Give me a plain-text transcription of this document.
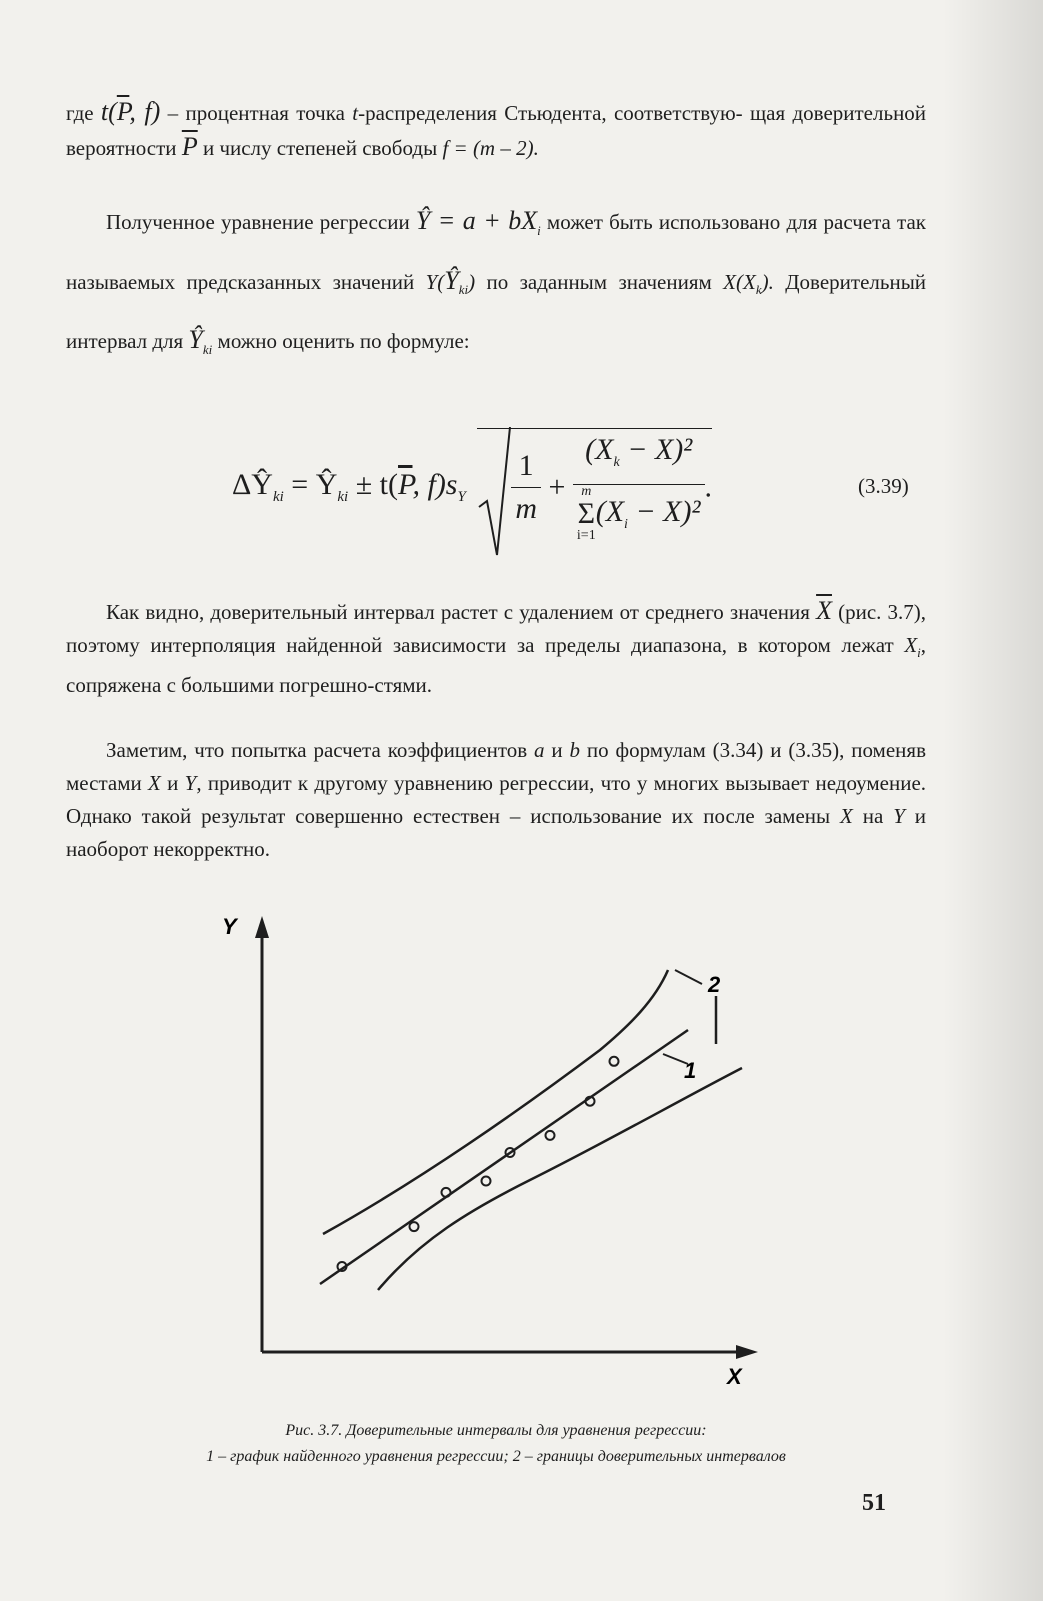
где $t(\overline{P}$, f) – процентная точка t-распределения Стьюдента, соответствую- щая доверительной вероятности $\overline{P}$ и числу степеней свободы f = (m – 2).

Полученное уравнение регрессии Ŷ = $a + bX_i$ может быть использовано для расчета так называемых предсказанных значений $Y(Ŷ_{ki})$ по заданным значениям $X(X_k)$. Доверительный интервал для $Ŷ_{ki}$ можно оценить по формуле:

$\Delta Ŷ_{ki}$ = $Ŷ_{ki} \pm t(\overline{P}$, $f)s_Y \frac{1}{m} + (X_k - X)^2$
m
Σ
i=1
$(X_i - X)^2$ .	(3.39)

Как видно, доверительный интервал растет с удалением от среднего значения $\overline{X}$ (рис. 3.7), поэтому интерполяция найденной зависимости за пределы диапазона, в котором лежат $X_i$, сопряжена с большими погрешно-стями.

Заметим, что попытка расчета коэффициентов a и b по формулам (3.34) и (3.35), поменяв местами X и Y, приводит к другому уравнению регрессии, что у многих вызывает недоумение. Однако такой результат совершенно естествен – использование их после замены X на Y и наоборот некорректно.

Y
X
1
2
Рис. 3.7. Доверительные интервалы для уравнения регрессии:
1 – график найденного уравнения регрессии; 2 – границы доверительных интервалов
51
